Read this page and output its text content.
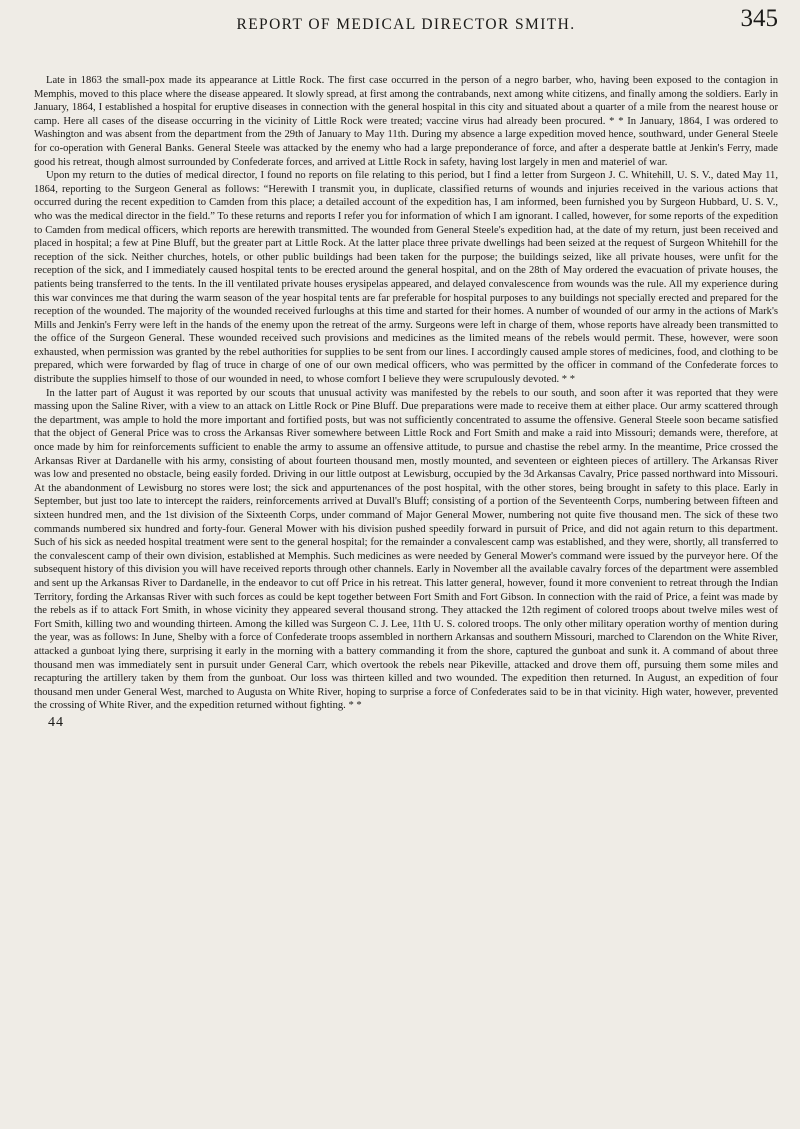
REPORT OF MEDICAL DIRECTOR SMITH.	345

Late in 1863 the small-pox made its appearance at Little Rock. The first case occurred in the person of a negro barber, who, having been exposed to the contagion in Memphis, moved to this place where the disease appeared. It slowly spread, at first among the contrabands, next among white citizens, and finally among the soldiers. Early in January, 1864, I established a hospital for eruptive diseases in connection with the general hospital in this city and situated about a quarter of a mile from the nearest house or camp. Here all cases of the disease occurring in the vicinity of Little Rock were treated; vaccine virus had already been procured. * * In January, 1864, I was ordered to Washington and was absent from the department from the 29th of January to May 11th. During my absence a large expedition moved hence, southward, under General Steele for co-operation with General Banks. General Steele was attacked by the enemy who had a large preponderance of force, and after a desperate battle at Jenkin's Ferry, made good his retreat, though almost surrounded by Confederate forces, and arrived at Little Rock in safety, having lost largely in men and materiel of war.

Upon my return to the duties of medical director, I found no reports on file relating to this period, but I find a letter from Surgeon J. C. Whitehill, U. S. V., dated May 11, 1864, reporting to the Surgeon General as follows: “Herewith I transmit you, in duplicate, classified returns of wounds and injuries received in the various actions that occurred during the recent expedition to Camden from this place; a detailed account of the expedition has, I am informed, been furnished you by Surgeon Hubbard, U. S. V., who was the medical director in the field.” To these returns and reports I refer you for information of which I am ignorant. I called, however, for some reports of the expedition to Camden from medical officers, which reports are herewith transmitted. The wounded from General Steele's expedition had, at the date of my return, just been received and placed in hospital; a few at Pine Bluff, but the greater part at Little Rock. At the latter place three private dwellings had been seized at the request of Surgeon Whitehill for the reception of the sick. Neither churches, hotels, or other public buildings had been taken for the purpose; the buildings seized, like all private houses, were unfit for the reception of the sick, and I immediately caused hospital tents to be erected around the general hospital, and on the 28th of May ordered the evacuation of private houses, the patients being transferred to the tents. In the ill ventilated private houses erysipelas appeared, and delayed convalescence from wounds was the rule. All my experience during this war convinces me that during the warm season of the year hospital tents are far preferable for hospital purposes to any buildings not specially erected and prepared for the reception of the wounded. The majority of the wounded received furloughs at this time and started for their homes. A number of wounded of our army in the actions of Mark's Mills and Jenkin's Ferry were left in the hands of the enemy upon the retreat of the army. Surgeons were left in charge of them, whose reports have already been transmitted to the office of the Surgeon General. These wounded received such provisions and medicines as the limited means of the rebels would permit. These, however, were soon exhausted, when permission was granted by the rebel authorities for supplies to be sent from our lines. I accordingly caused ample stores of medicines, food, and clothing to be prepared, which were forwarded by flag of truce in charge of one of our own medical officers, who was permitted by the officer in command of the Confederate forces to distribute the supplies himself to those of our wounded in need, to whose comfort I believe they were scrupulously devoted. * *

In the latter part of August it was reported by our scouts that unusual activity was manifested by the rebels to our south, and soon after it was reported that they were massing upon the Saline River, with a view to an attack on Little Rock or Pine Bluff. Due preparations were made to receive them at either place. Our army scattered through the department, was ample to hold the more important and fortified posts, but was not sufficiently concentrated to assume the offensive. General Steele soon became satisfied that the object of General Price was to cross the Arkansas River somewhere between Little Rock and Fort Smith and make a raid into Missouri; demands were, therefore, at once made by him for reinforcements sufficient to enable the army to assume an offensive attitude, to pursue and chastise the rebel army. In the meantime, Price crossed the Arkansas River at Dardanelle with his army, consisting of about fourteen thousand men, mostly mounted, and seventeen or eighteen pieces of artillery. The Arkansas River was low and presented no obstacle, being easily forded. Driving in our little outpost at Lewisburg, occupied by the 3d Arkansas Cavalry, Price passed northward into Missouri. At the abandonment of Lewisburg no stores were lost; the sick and appurtenances of the post hospital, with the other stores, being brought in safety to this place. Early in September, but just too late to intercept the raiders, reinforcements arrived at Duvall's Bluff; consisting of a portion of the Seventeenth Corps, numbering between fifteen and sixteen hundred men, and the 1st division of the Sixteenth Corps, under command of Major General Mower, numbering not quite five thousand men. The sick of these two commands numbered six hundred and forty-four. General Mower with his division pushed speedily forward in pursuit of Price, and did not again return to this department. Such of his sick as needed hospital treatment were sent to the general hospital; for the remainder a convalescent camp was established, and they were, shortly, all transferred to the convalescent camp of their own division, established at Memphis. Such medicines as were needed by General Mower's command were issued by the purveyor here. Of the subsequent history of this division you will have received reports through other channels. Early in November all the available cavalry forces of the department were assembled and sent up the Arkansas River to Dardanelle, in the endeavor to cut off Price in his retreat. This latter general, however, found it more convenient to retreat through the Indian Territory, fording the Arkansas River with such forces as could be kept together between Fort Smith and Fort Gibson. In connection with the raid of Price, a feint was made by the rebels as if to attack Fort Smith, in whose vicinity they appeared several thousand strong. They attacked the 12th regiment of colored troops about twelve miles west of Fort Smith, killing two and wounding thirteen. Among the killed was Surgeon C. J. Lee, 11th U. S. colored troops. The only other military operation worthy of mention during the year, was as follows: In June, Shelby with a force of Confederate troops assembled in northern Arkansas and southern Missouri, marched to Clarendon on the White River, attacked a gunboat lying there, surprising it early in the morning with a battery commanding it from the shore, captured the gunboat and sunk it. A command of about three thousand men was immediately sent in pursuit under General Carr, which overtook the rebels near Pikeville, attacked and drove them off, pursuing them some miles and recapturing the artillery taken by them from the gunboat. Our loss was thirteen killed and two wounded. The expedition then returned. In August, an expedition of four thousand men under General West, marched to Augusta on White River, hoping to surprise a force of Confederates said to be in that vicinity. High water, however, prevented the crossing of White River, and the expedition returned without fighting. * *

44
